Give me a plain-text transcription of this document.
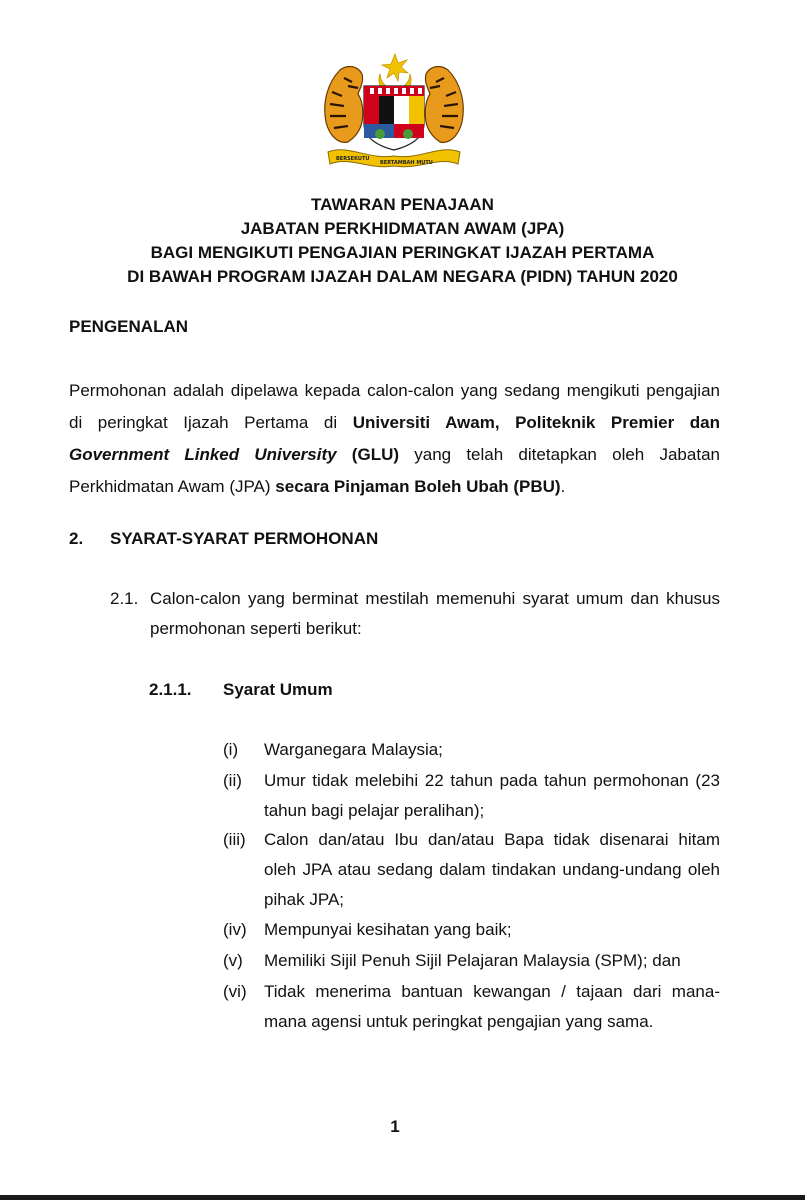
BERSEKUTU
BERTAMBAH MUTU
TAWARAN PENAJAAN
JABATAN PERKHIDMATAN AWAM (JPA)
BAGI MENGIKUTI PENGAJIAN PERINGKAT IJAZAH PERTAMA
DI BAWAH PROGRAM IJAZAH DALAM NEGARA (PIDN) TAHUN 2020
PENGENALAN
Permohonan adalah dipelawa kepada calon-calon yang sedang mengikuti pengajian di peringkat Ijazah Pertama di Universiti Awam, Politeknik Premier dan Government Linked University (GLU) yang telah ditetapkan oleh Jabatan Perkhidmatan Awam (JPA) secara Pinjaman Boleh Ubah (PBU).
2. SYARAT-SYARAT PERMOHONAN
2.1. Calon-calon yang berminat mestilah memenuhi syarat umum dan khusus permohonan seperti berikut:
2.1.1. Syarat Umum
(i) Warganegara Malaysia;
(ii) Umur tidak melebihi 22 tahun pada tahun permohonan (23 tahun bagi pelajar peralihan);
(iii) Calon dan/atau Ibu dan/atau Bapa tidak disenarai hitam oleh JPA atau sedang dalam tindakan undang-undang oleh pihak JPA;
(iv) Mempunyai kesihatan yang baik;
(v) Memiliki Sijil Penuh Sijil Pelajaran Malaysia (SPM); dan
(vi) Tidak menerima bantuan kewangan / tajaan dari mana-mana agensi untuk peringkat pengajian yang sama.
1
